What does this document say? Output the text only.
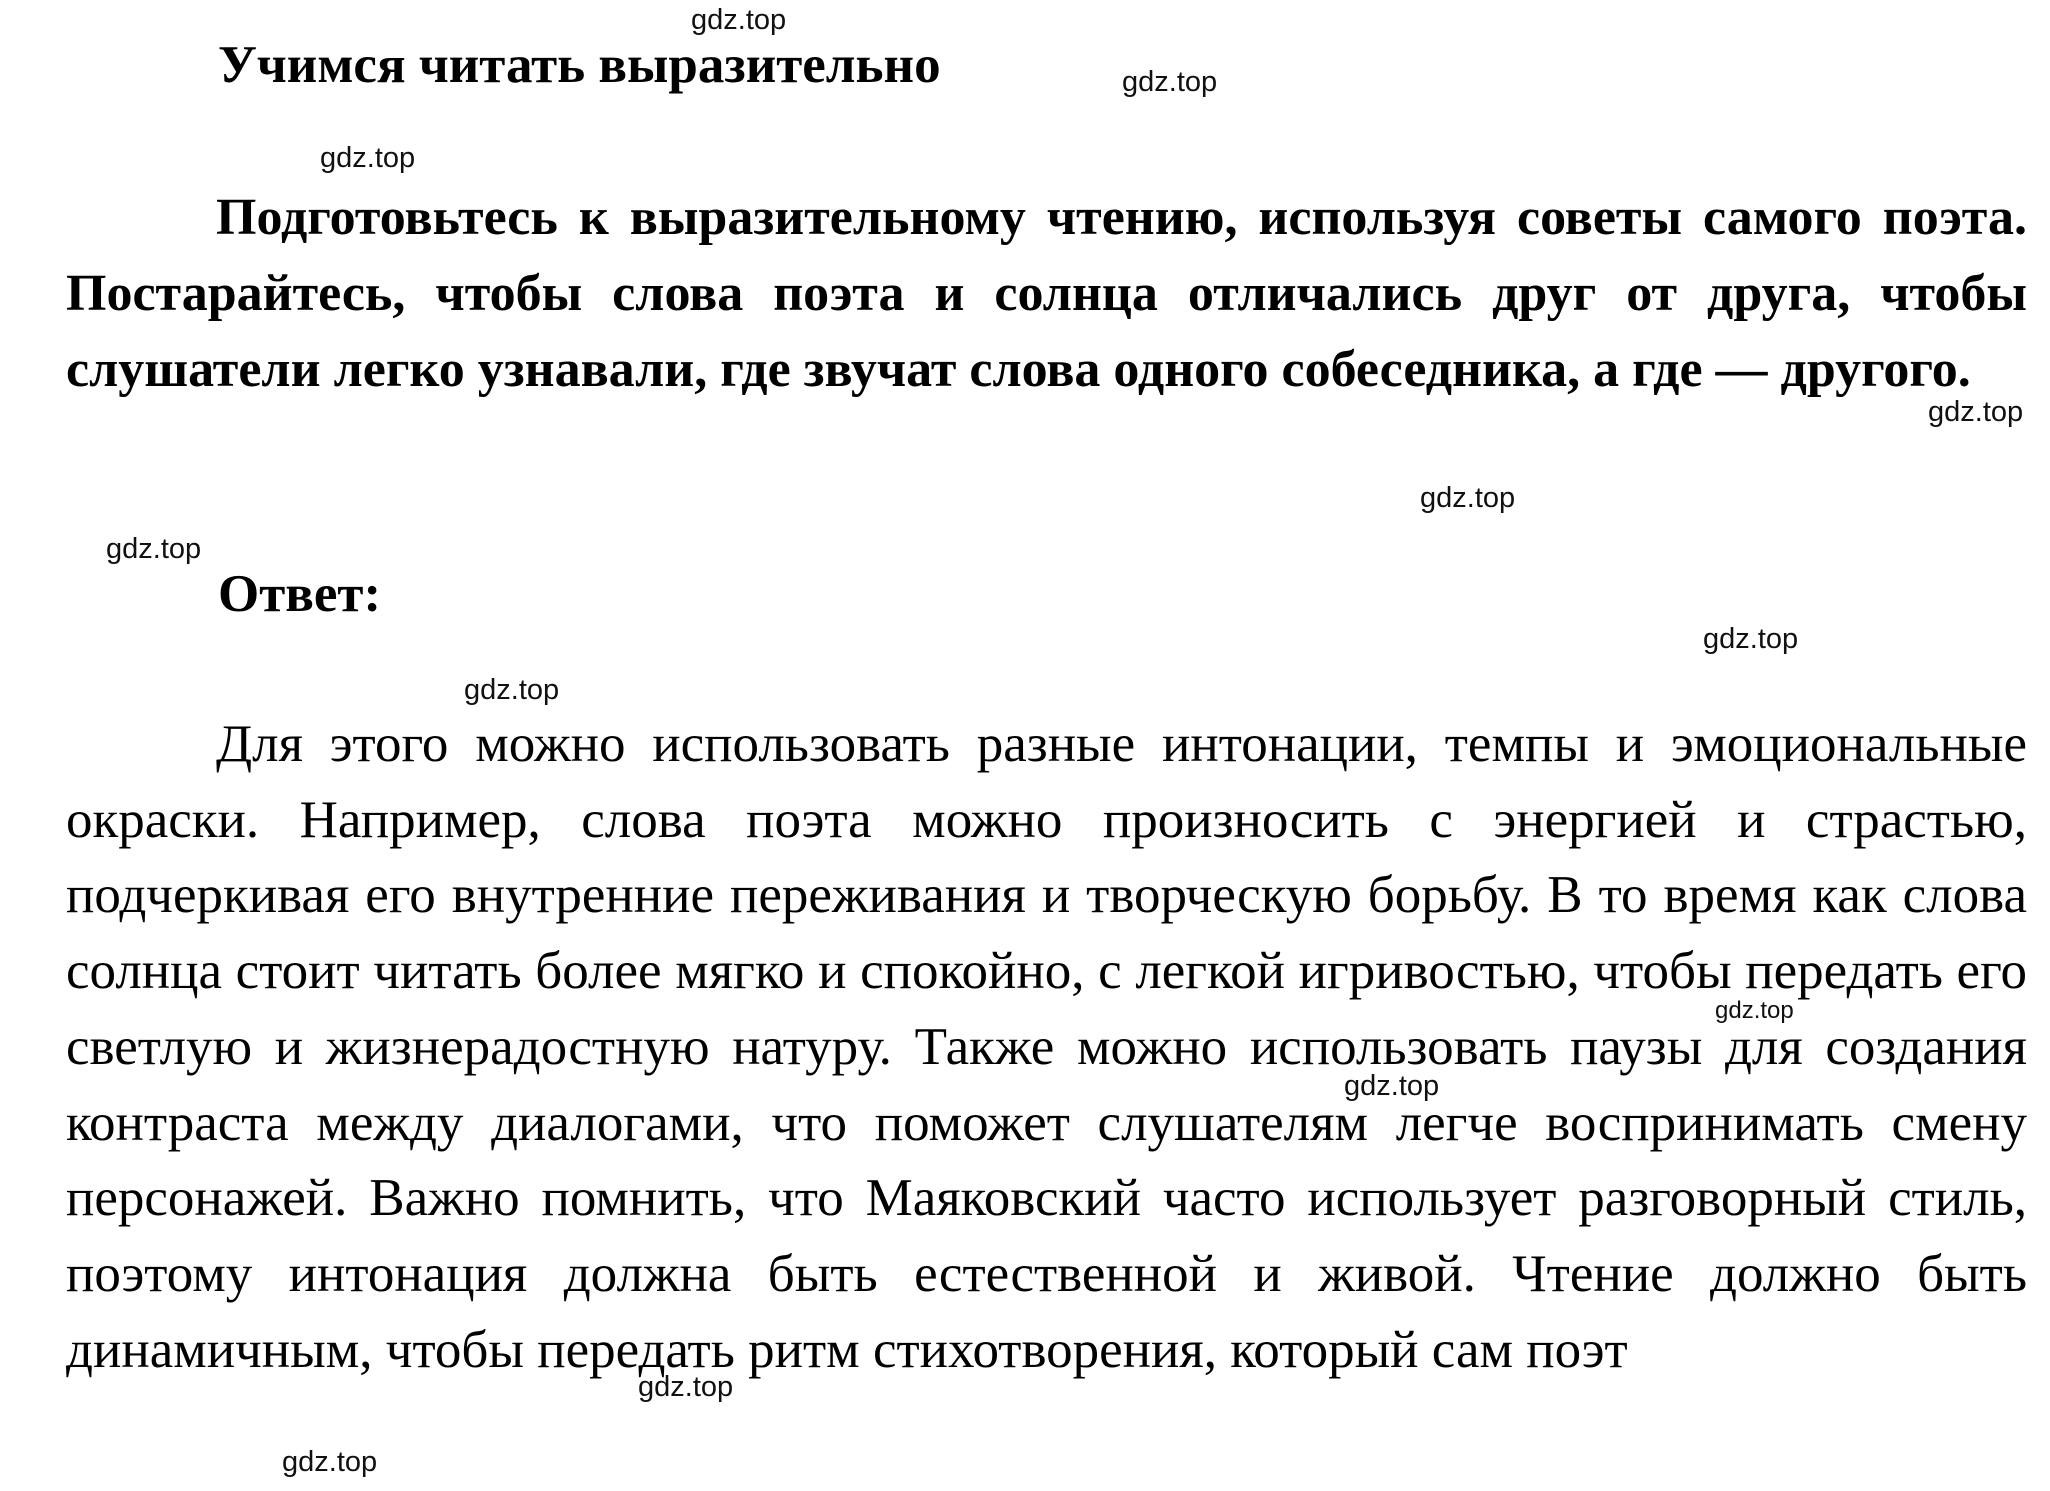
Учимся читать выразительно

Подготовьтесь к выразительному чтению, используя советы самого поэта. Постарайтесь, чтобы слова поэта и солнца отличались друг от друга, чтобы слушатели легко узнавали, где звучат слова одного собеседника, а где — другого.

Ответ:

Для этого можно использовать разные интонации, темпы и эмоциональные окраски. Например, слова поэта можно произносить с энергией и страстью, подчеркивая его внутренние переживания и творческую борьбу. В то время как слова солнца стоит читать более мягко и спокойно, с легкой игривостью, чтобы передать его светлую и жизнерадостную натуру. Также можно использовать паузы для создания контраста между диалогами, что поможет слушателям легче воспринимать смену персонажей. Важно помнить, что Маяковский часто использует разговорный стиль, поэтому интонация должна быть естественной и живой. Чтение должно быть динамичным, чтобы передать ритм стихотворения, который сам поэт

gdz.top
gdz.top
gdz.top
gdz.top
gdz.top
gdz.top
gdz.top
gdz.top
gdz.top
gdz.top
gdz.top
gdz.top
